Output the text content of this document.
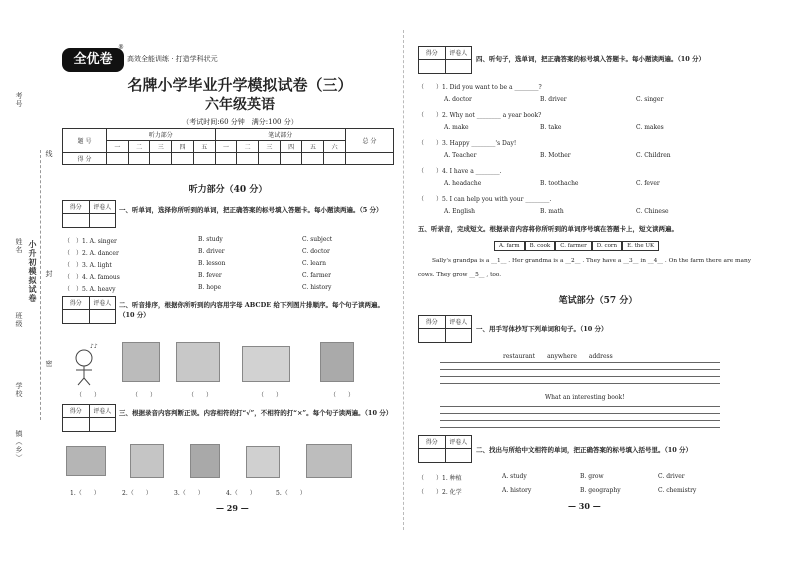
考号
姓名
班级
学校
镇（乡）
小升初模拟试卷
线
封
密
全优卷
®
高效全能训练 · 打造学科状元
名牌小学毕业升学模拟试卷（三）
六年级英语
（考试时间:60 分钟　满分:100 分）
题 号	听力部分					笔试部分						总 分
	一	二	三	四	五	一	二	三	四	五	六	
得 分												
听力部分（40 分）
得分	评卷人	一、听单词，选择你所听到的单词，把正确答案的标号填入答题卡。每小题读两遍。（5 分）
（　）1. A. singer	B. study	C. subject
（　）2. A. dancer	B. driver	C. doctor
（　）3. A. light	B. lesson	C. learn
（　）4. A. famous	B. fever	C. farmer
（　）5. A. heavy	B. hope	C. history
得分	评卷人	二、听音排序，根据你所听到的内容用字母 ABCDE 给下列图片排顺序。每个句子读两遍。（10 分）
♪♪
（　　）	（　　）	（　　）	（　　）	（　　）
得分	评卷人	三、根据录音内容判断正误。内容相符的打“√”，不相符的打“×”。每个句子读两遍。（10 分）
1.（　　）	2.（　　）	3.（　　）	4.（　　）	5.（　　）
— 29 —
得分	评卷人
四、听句子，选单词，把正确答案的标号填入答题卡。每小题读两遍。（10 分）
（　　）1. Did you want to be a ________?
A. doctor	B. driver	C. singer
（　　）2. Why not ________ a year book?
A. make	B. take	C. makes
（　　）3. Happy ________'s Day!
A. Teacher	B. Mother	C. Children
（　　）4. I have a ________.
A. headache	B. toothache	C. fever
（　　）5. I can help you with your ________.
A. English	B. math	C. Chinese
五、听录音，完成短文。根据录音内容将你所听到的单词序号填在答题卡上，短文读两遍。
A. farm	B. cook	C. farmer	D. corn	E. the UK
Sally's grandpa is a __1__ . Her grandma is a __2__ . They have a __3__ in __4__ . On the farm there are many
cows. They grow __5__ , too.
笔试部分（57 分）
得分	评卷人
一、用手写体抄写下列单词和句子。（10 分）
restaurant　　anywhere　　address
What an interesting book!
得分	评卷人
二、找出与所给中文相符的单词，把正确答案的标号填入括号里。（10 分）
（　　）1. 种植	A. study	B. grow	C. driver
（　　）2. 化学	A. history	B. geography	C. chemistry
— 30 —
